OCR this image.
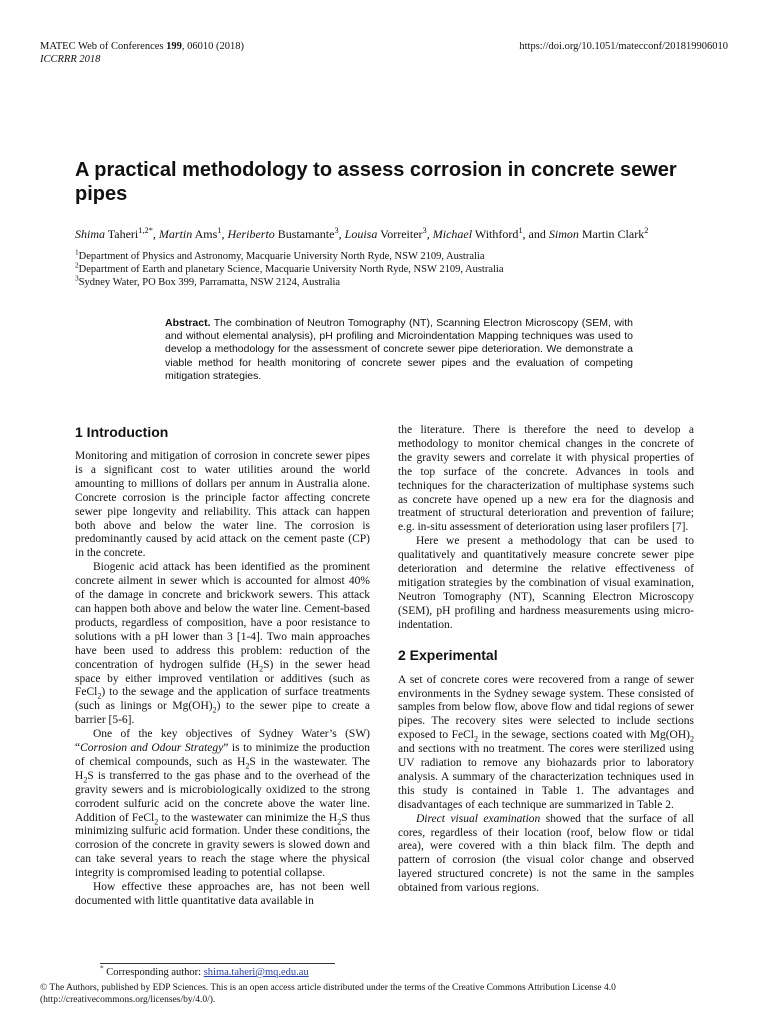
MATEC Web of Conferences 199, 06010 (2018)
ICCRRR 2018
https://doi.org/10.1051/matecconf/201819906010
A practical methodology to assess corrosion in concrete sewer pipes
Shima Taheri$^{1,2*}$, Martin Ams$^1$, Heriberto Bustamante$^3$, Louisa Vorreiter$^3$, Michael Withford$^1$, and Simon Martin Clark$^2$
$^1$Department of Physics and Astronomy, Macquarie University North Ryde, NSW 2109, Australia
$^2$Department of Earth and planetary Science, Macquarie University North Ryde, NSW 2109, Australia
$^3$Sydney Water, PO Box 399, Parramatta, NSW 2124, Australia
Abstract. The combination of Neutron Tomography (NT), Scanning Electron Microscopy (SEM, with and without elemental analysis), pH profiling and Microindentation Mapping techniques was used to develop a methodology for the assessment of concrete sewer pipe deterioration. We demonstrate a viable method for health monitoring of concrete sewer pipes and the evaluation of competing mitigation strategies.
1 Introduction

Monitoring and mitigation of corrosion in concrete sewer pipes is a significant cost to water utilities around the world amounting to millions of dollars per annum in Australia alone. Concrete corrosion is the principle factor affecting concrete sewer pipe longevity and reliability. This attack can happen both above and below the water line. The corrosion is predominantly caused by acid attack on the cement paste (CP) in the concrete.

Biogenic acid attack has been identified as the prominent concrete ailment in sewer which is accounted for almost 40% of the damage in concrete and brickwork sewers. This attack can happen both above and below the water line. Cement-based products, regardless of composition, have a poor resistance to solutions with a pH lower than 3 [1-4]. Two main approaches have been used to address this problem: reduction of the concentration of hydrogen sulfide $(H_2S)$ in the sewer head space by either improved ventilation or additives (such as FeCl$_2$) to the sewage and the application of surface treatments (such as linings or $Mg(OH)_2$) to the sewer pipe to create a barrier [5-6].

One of the key objectives of Sydney Water’s (SW) “Corrosion and Odour Strategy” is to minimize the production of chemical compounds, such as $H_2S$ in the wastewater. The $H_2S$ is transferred to the gas phase and to the overhead of the gravity sewers and is microbiologically oxidized to the strong corrodent sulfuric acid on the concrete above the water line. Addition of FeCl$_2$ to the wastewater can minimize the $H_2S$ thus minimizing sulfuric acid formation. Under these conditions, the corrosion of the concrete in gravity sewers is slowed down and can take several years to reach the stage where the physical integrity is compromised leading to potential collapse.

How effective these approaches are, has not been well documented with little quantitative data available in

the literature. There is therefore the need to develop a methodology to monitor chemical changes in the concrete of the gravity sewers and correlate it with physical properties of the top surface of the concrete. Advances in tools and techniques for the characterization of multiphase systems such as concrete have opened up a new era for the diagnosis and treatment of structural deterioration and prevention of failure; e.g. in-situ assessment of deterioration using laser profilers [7].

Here we present a methodology that can be used to qualitatively and quantitatively measure concrete sewer pipe deterioration and determine the relative effectiveness of mitigation strategies by the combination of visual examination, Neutron Tomography (NT), Scanning Electron Microscopy (SEM), pH profiling and hardness measurements using micro-indentation.

2 Experimental

A set of concrete cores were recovered from a range of sewer environments in the Sydney sewage system. These consisted of samples from below flow, above flow and tidal regions of sewer pipes. The recovery sites were selected to include sections exposed to FeCl$_2$ in the sewage, sections coated with $Mg(OH)_2$ and sections with no treatment. The cores were sterilized using UV radiation to remove any biohazards prior to laboratory analysis. A summary of the characterization techniques used in this study is contained in Table 1. The advantages and disadvantages of each technique are summarized in Table 2.

Direct visual examination showed that the surface of all cores, regardless of their location (roof, below flow or tidal area), were covered with a thin black film. The depth and pattern of corrosion (the visual color change and observed layered structured concrete) is not the same in the samples obtained from various regions.

* Corresponding author: shima.taheri@mq.edu.au
© The Authors, published by EDP Sciences. This is an open access article distributed under the terms of the Creative Commons Attribution License 4.0 (http://creativecommons.org/licenses/by/4.0/).
